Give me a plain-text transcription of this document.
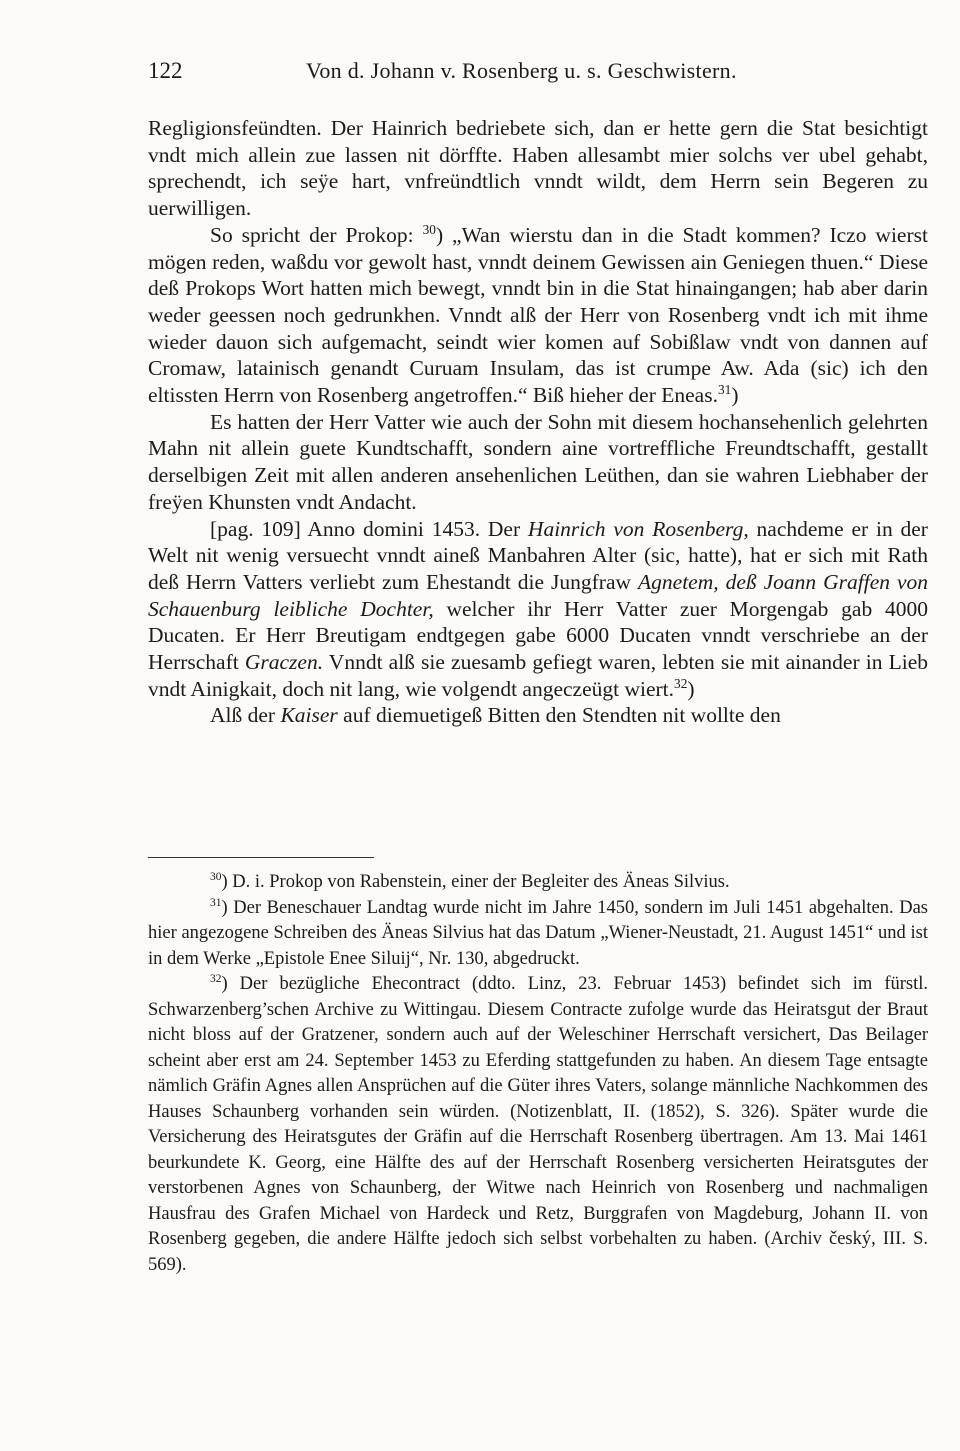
122	Von d. Johann v. Rosenberg u. s. Geschwistern.

Regligionsfeündten. Der Hainrich bedriebete sich, dan er hette gern die Stat besichtigt vndt mich allein zue lassen nit dörffte. Haben allesambt mier solchs ver ubel gehabt, sprechendt, ich seÿe hart, vnfreündtlich vnndt wildt, dem Herrn sein Begeren zu uerwilligen.

So spricht der Prokop: $^{30}$) „Wan wierstu dan in die Stadt kommen? Iczo wierst mögen reden, waßdu vor gewolt hast, vnndt deinem Gewissen ain Geniegen thuen.“ Diese deß Prokops Wort hatten mich bewegt, vnndt bin in die Stat hinaingangen; hab aber darin weder geessen noch gedrunkhen. Vnndt alß der Herr von Rosenberg vndt ich mit ihme wieder dauon sich aufgemacht, seindt wier komen auf Sobißlaw vndt von dannen auf Cromaw, latainisch genandt Curuam Insulam, das ist crumpe Aw. Ada (sic) ich den eltissten Herrn von Rosenberg angetroffen.“ Biß hieher der Eneas.$^{31}$)

Es hatten der Herr Vatter wie auch der Sohn mit diesem hochansehenlich gelehrten Mahn nit allein guete Kundtschafft, sondern aine vortreffliche Freundtschafft, gestallt derselbigen Zeit mit allen anderen ansehenlichen Leüthen, dan sie wahren Liebhaber der freÿen Khunsten vndt Andacht.

[pag. 109] Anno domini 1453. Der Hainrich von Rosenberg, nachdeme er in der Welt nit wenig versuecht vnndt aineß Manbahren Alter (sic, hatte), hat er sich mit Rath deß Herrn Vatters verliebt zum Ehestandt die Jungfraw Agnetem, deß Joann Graffen von Schauenburg leibliche Dochter, welcher ihr Herr Vatter zuer Morgengab gab 4000 Ducaten. Er Herr Breutigam endtgegen gabe 6000 Ducaten vnndt verschriebe an der Herrschaft Graczen. Vnndt alß sie zuesamb gefiegt waren, lebten sie mit ainander in Lieb vndt Ainigkait, doch nit lang, wie volgendt angeczeügt wiert.$^{32}$)

Alß der Kaiser auf diemuetigeß Bitten den Stendten nit wollte den

$^{30}$) D. i. Prokop von Rabenstein, einer der Begleiter des Äneas Silvius.

$^{31}$) Der Beneschauer Landtag wurde nicht im Jahre 1450, sondern im Juli 1451 abgehalten. Das hier angezogene Schreiben des Äneas Silvius hat das Datum „Wiener-Neustadt, 21. August 1451“ und ist in dem Werke „Epistole Enee Siluij“, Nr. 130, abgedruckt.

$^{32}$) Der bezügliche Ehecontract (ddto. Linz, 23. Februar 1453) befindet sich im fürstl. Schwarzenberg’schen Archive zu Wittingau. Diesem Contracte zufolge wurde das Heiratsgut der Braut nicht bloss auf der Gratzener, sondern auch auf der Weleschiner Herrschaft versichert, Das Beilager scheint aber erst am 24. September 1453 zu Eferding stattgefunden zu haben. An diesem Tage entsagte nämlich Gräfin Agnes allen Ansprüchen auf die Güter ihres Vaters, solange männliche Nachkommen des Hauses Schaunberg vorhanden sein würden. (Notizenblatt, II. (1852), S. 326). Später wurde die Versicherung des Heiratsgutes der Gräfin auf die Herrschaft Rosenberg übertragen. Am 13. Mai 1461 beurkundete K. Georg, eine Hälfte des auf der Herrschaft Rosenberg versicherten Heiratsgutes der verstorbenen Agnes von Schaunberg, der Witwe nach Heinrich von Rosenberg und nachmaligen Hausfrau des Grafen Michael von Hardeck und Retz, Burggrafen von Magdeburg, Johann II. von Rosenberg gegeben, die andere Hälfte jedoch sich selbst vorbehalten zu haben. (Archiv český, III. S. 569).
